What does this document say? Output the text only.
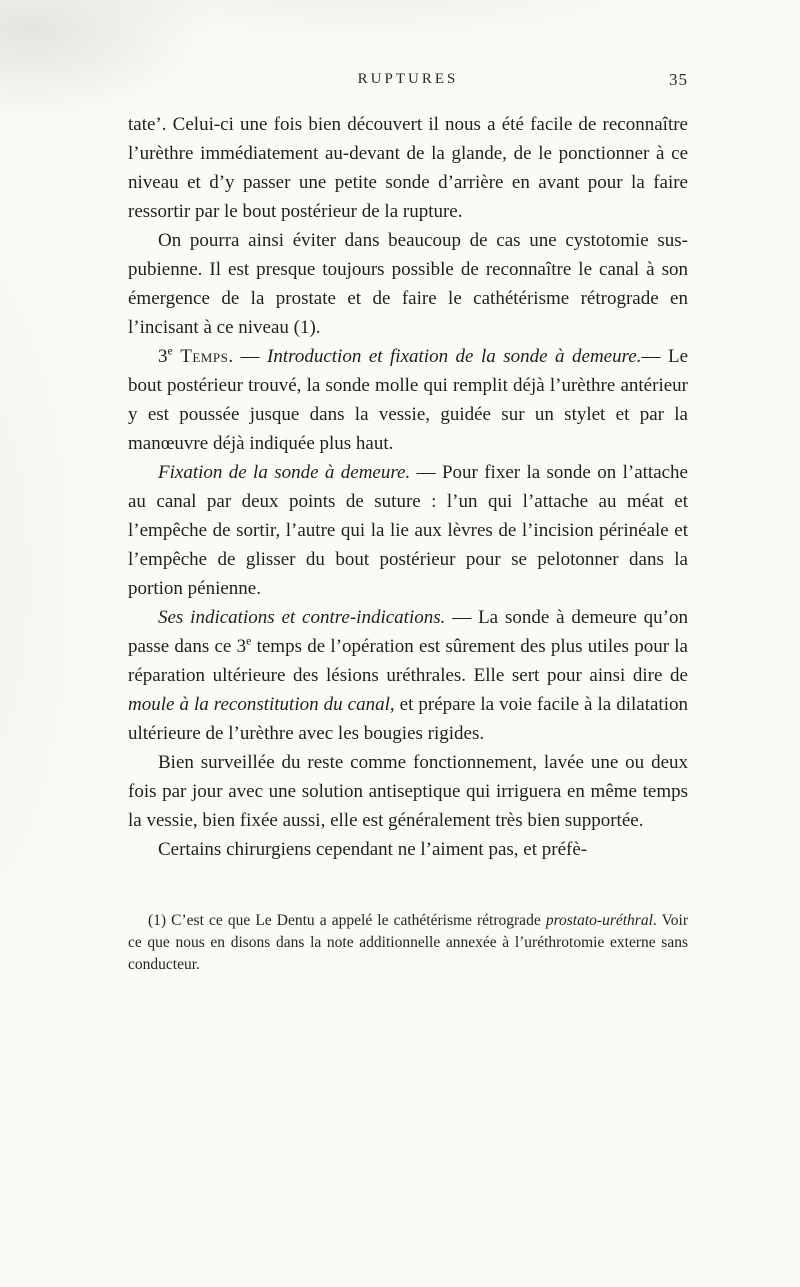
RUPTURES	35

tate’. Celui-ci une fois bien découvert il nous a été facile de reconnaître l’urèthre immédiatement au-devant de la glande, de le ponctionner à ce niveau et d’y passer une petite sonde d’arrière en avant pour la faire ressortir par le bout postérieur de la rupture.

On pourra ainsi éviter dans beaucoup de cas une cystotomie sus-pubienne. Il est presque toujours possible de reconnaître le canal à son émergence de la prostate et de faire le cathétérisme rétrograde en l’incisant à ce niveau (1).

3e Temps. — Introduction et fixation de la sonde à demeure.— Le bout postérieur trouvé, la sonde molle qui remplit déjà l’urèthre antérieur y est poussée jusque dans la vessie, guidée sur un stylet et par la manœuvre déjà indiquée plus haut.

Fixation de la sonde à demeure. — Pour fixer la sonde on l’attache au canal par deux points de suture : l’un qui l’attache au méat et l’empêche de sortir, l’autre qui la lie aux lèvres de l’incision périnéale et l’empêche de glisser du bout postérieur pour se pelotonner dans la portion pénienne.

Ses indications et contre-indications. — La sonde à demeure qu’on passe dans ce 3e temps de l’opération est sûrement des plus utiles pour la réparation ultérieure des lésions uréthrales. Elle sert pour ainsi dire de moule à la reconstitution du canal, et prépare la voie facile à la dilatation ultérieure de l’urèthre avec les bougies rigides.

Bien surveillée du reste comme fonctionnement, lavée une ou deux fois par jour avec une solution antiseptique qui irriguera en même temps la vessie, bien fixée aussi, elle est généralement très bien supportée.

Certains chirurgiens cependant ne l’aiment pas, et préfè-

(1) C’est ce que Le Dentu a appelé le cathétérisme rétrograde prostato-uréthral. Voir ce que nous en disons dans la note additionnelle annexée à l’uréthrotomie externe sans conducteur.
